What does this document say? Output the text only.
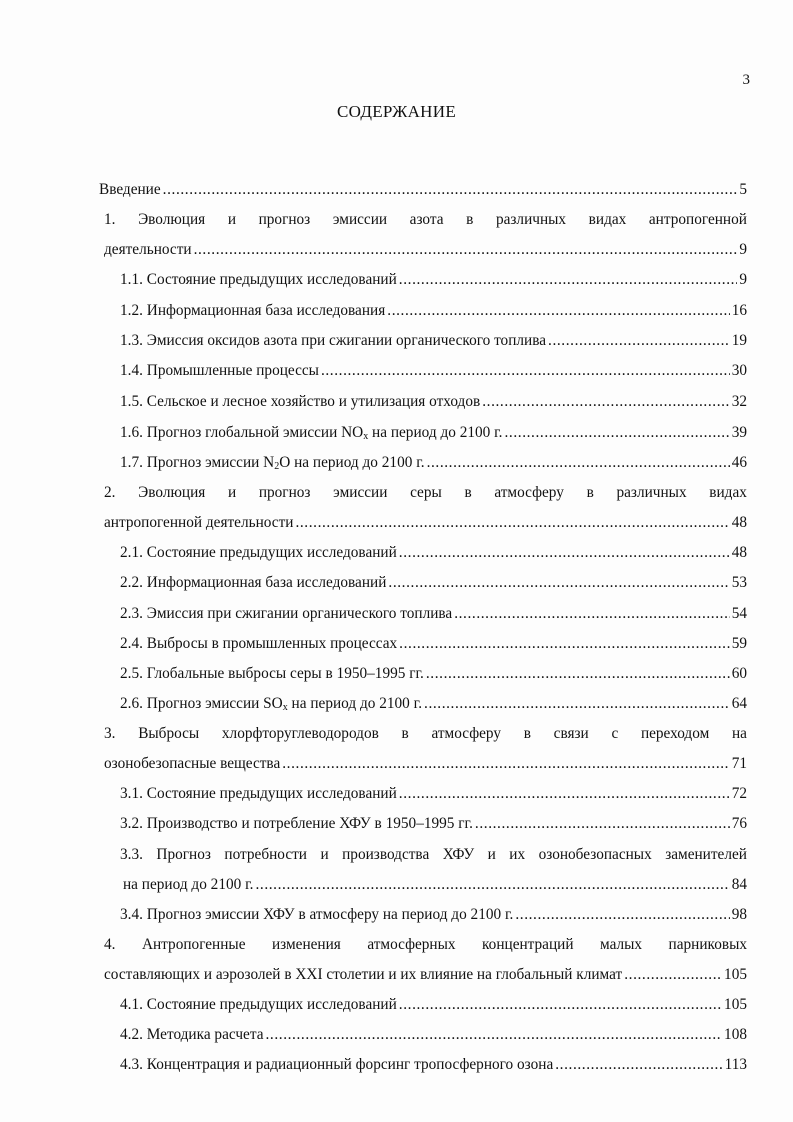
3
СОДЕРЖАНИЕ
Введение .....	5
1. Эволюция и прогноз эмиссии азота в различных видах антропогенной
деятельности .....	9
1.1. Состояние предыдущих исследований .....	9
1.2. Информационная база исследования .....	16
1.3. Эмиссия оксидов азота при сжигании органического топлива .....	19
1.4. Промышленные процессы .....	30
1.5. Сельское и лесное хозяйство и утилизация отходов .....	32
1.6. Прогноз глобальной эмиссии $NO_x$ на период до 2100 г. .....	39
1.7. Прогноз эмиссии $N_2O$ на период до 2100 г. .....	46
2. Эволюция и прогноз эмиссии серы в атмосферу в различных видах
антропогенной деятельности .....	48
2.1. Состояние предыдущих исследований .....	48
2.2. Информационная база исследований .....	53
2.3. Эмиссия при сжигании органического топлива .....	54
2.4. Выбросы в промышленных процессах .....	59
2.5. Глобальные выбросы серы в 1950–1995 гг. .....	60
2.6. Прогноз эмиссии $SO_x$ на период до 2100 г. .....	64
3. Выбросы хлорфторуглеводородов в атмосферу в связи с переходом на
озонобезопасные вещества .....	71
3.1. Состояние предыдущих исследований .....	72
3.2. Производство и потребление ХФУ в 1950–1995 гг. .....	76
3.3. Прогноз потребности и производства ХФУ и их озонобезопасных заменителей
на период до 2100 г. .....	84
3.4. Прогноз эмиссии ХФУ в атмосферу на период до 2100 г. .....	98
4. Антропогенные изменения атмосферных концентраций малых парниковых
составляющих и аэрозолей в XXI столетии и их влияние на глобальный климат .....	105
4.1. Состояние предыдущих исследований .....	105
4.2. Методика расчета .....	108
4.3. Концентрация и радиационный форсинг тропосферного озона .....	113
